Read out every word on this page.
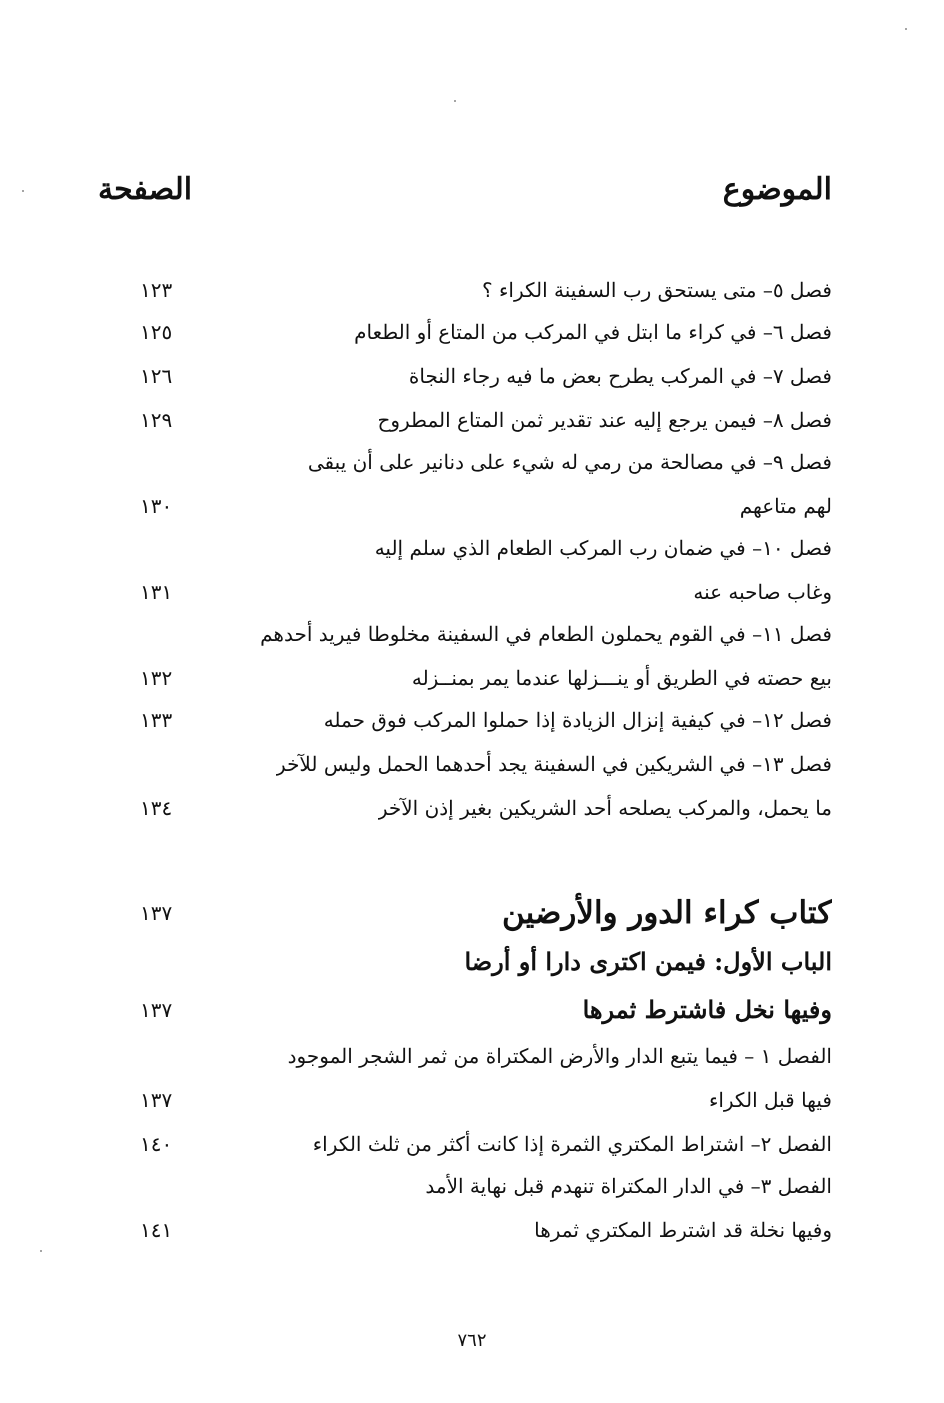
الموضوع
الصفحة
فصل ٥– متى يستحق رب السفينة الكراء ؟
١٢٣
فصل ٦– في كراء ما ابتل في المركب من المتاع أو الطعام
١٢٥
فصل ٧– في المركب يطرح بعض ما فيه رجاء النجاة
١٢٦
فصل ٨– فيمن يرجع إليه عند تقدير ثمن المتاع المطروح
١٢٩
فصل ٩– في مصالحة من رمي له شيء على دنانير على أن يبقى
لهم متاعهم
١٣٠
فصل ١٠– في ضمان رب المركب الطعام الذي سلم إليه
وغاب صاحبه عنه
١٣١
فصل ١١– في القوم يحملون الطعام في السفينة مخلوطا فيريد أحدهم
بيع حصته في الطريق أو ينـــزلها عندما يمر بمنــزله
١٣٢
فصل ١٢– في كيفية إنزال الزيادة إذا حملوا المركب فوق حمله
١٣٣
فصل ١٣– في الشريكين في السفينة يجد أحدهما الحمل وليس للآخر
ما يحمل، والمركب يصلحه أحد الشريكين بغير إذن الآخر
١٣٤
كتاب كراء الدور والأرضين
١٣٧
الباب الأول: فيمن اكترى دارا أو أرضا
وفيها نخل فاشترط ثمرها
١٣٧
الفصل ١ – فيما يتبع الدار والأرض المكتراة من ثمر الشجر الموجود
فيها قبل الكراء
١٣٧
الفصل ٢– اشتراط المكتري الثمرة إذا كانت أكثر من ثلث الكراء
١٤٠
الفصل ٣– في الدار المكتراة تنهدم قبل نهاية الأمد
وفيها نخلة قد اشترط المكتري ثمرها
١٤١
٧٦٢
